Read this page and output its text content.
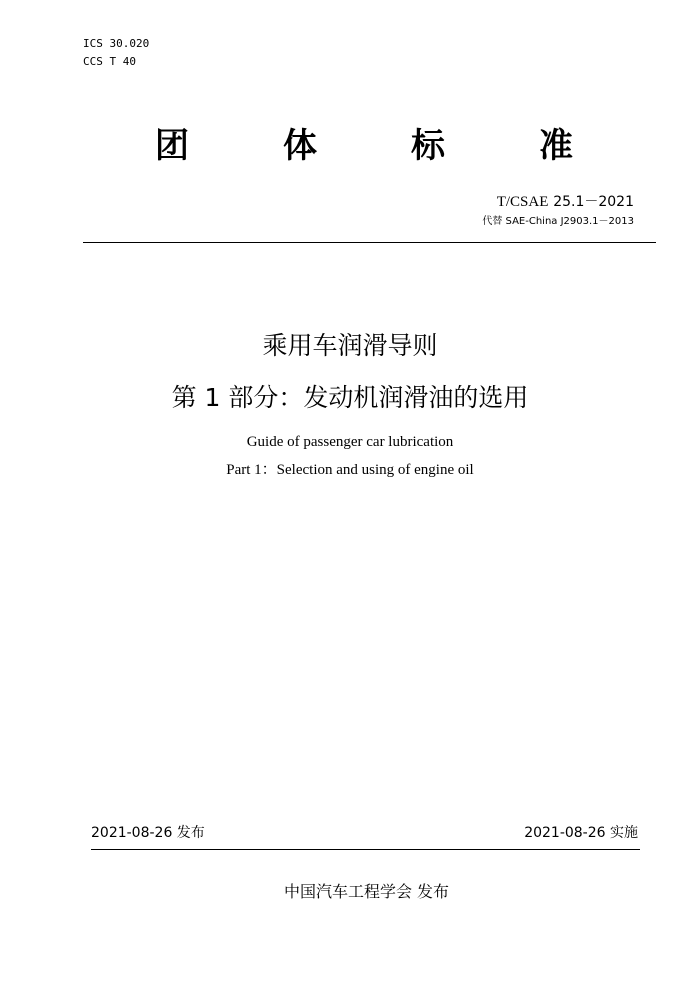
ICS 30.020
CCS T 40
团	体	标	准
T/CSAE 25.1－2021
代替 SAE-China J2903.1－2013
乘用车润滑导则
第 1 部分：发动机润滑油的选用
Guide of passenger car lubrication
Part 1：Selection and using of engine oil
2021-08-26 发布	2021-08-26 实施
中国汽车工程学会 发布
